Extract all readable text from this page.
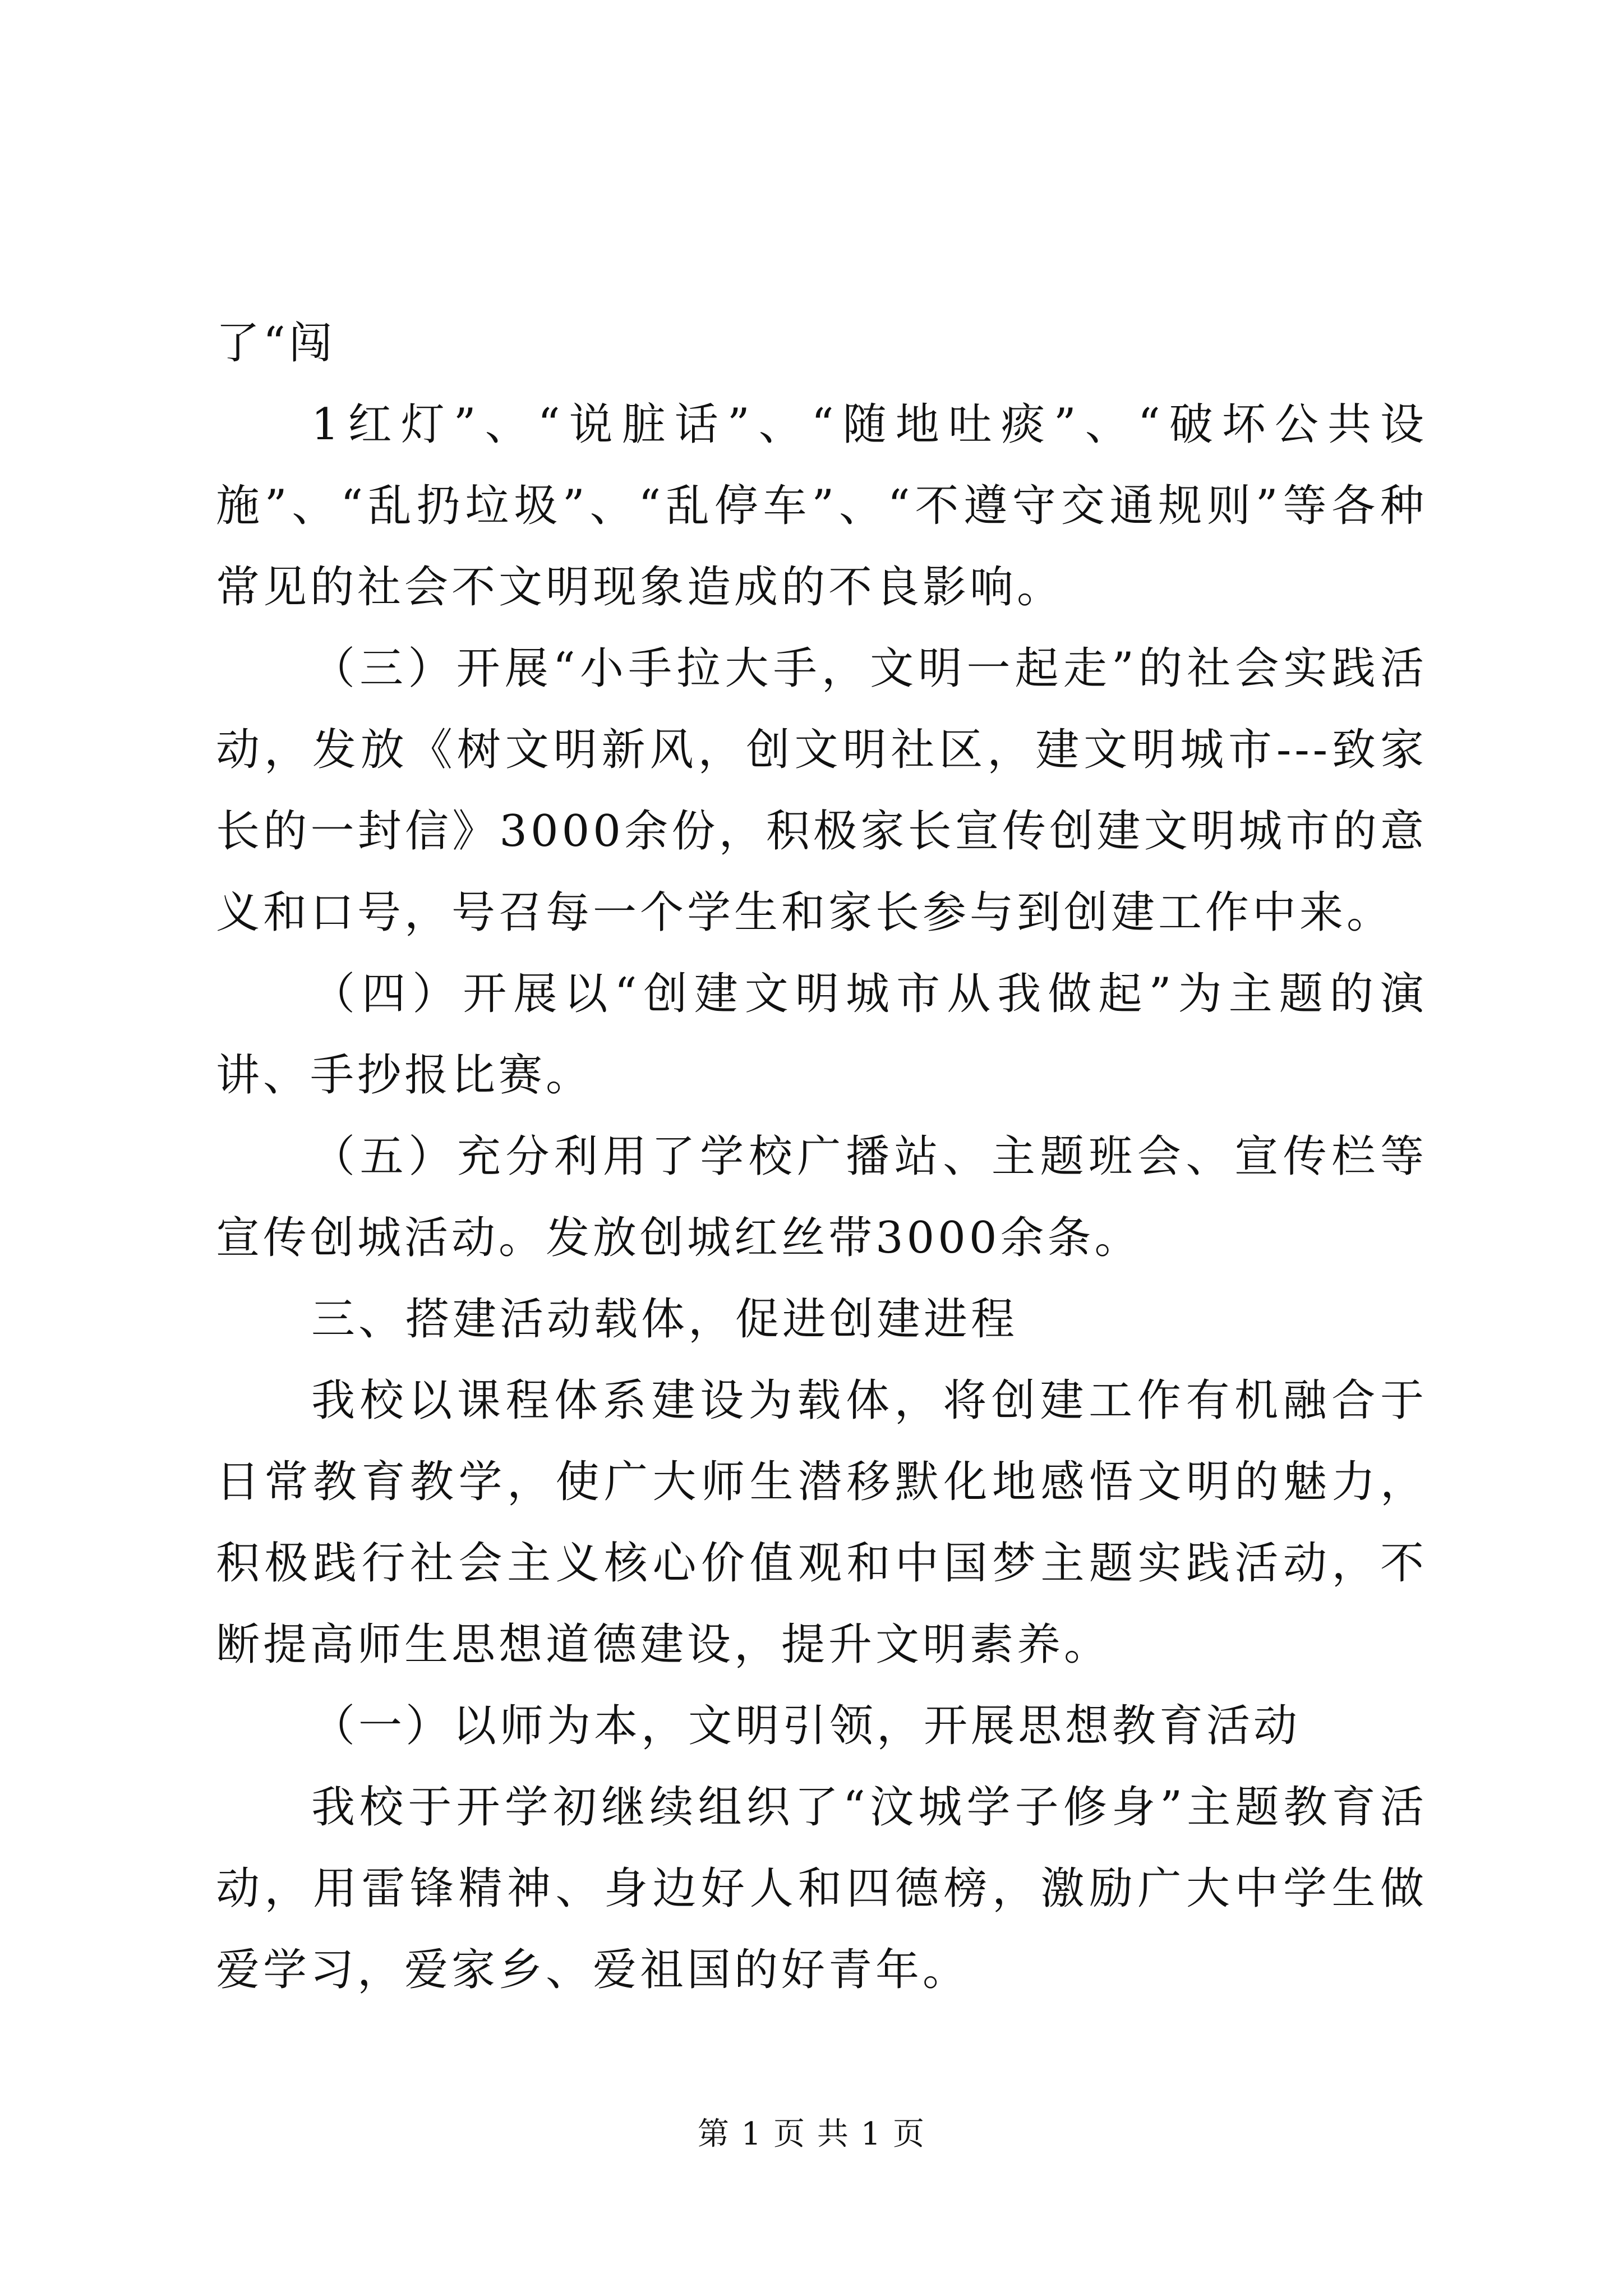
了“闯

1红灯”、“说脏话”、“随地吐痰”、“破坏公共设施”、“乱扔垃圾”、“乱停车”、“不遵守交通规则”等各种常见的社会不文明现象造成的不良影响。

（三）开展“小手拉大手，文明一起走”的社会实践活动，发放《树文明新风，创文明社区，建文明城市---致家长的一封信》3000余份，积极家长宣传创建文明城市的意义和口号，号召每一个学生和家长参与到创建工作中来。

（四）开展以“创建文明城市从我做起”为主题的演讲、手抄报比赛。

（五）充分利用了学校广播站、主题班会、宣传栏等宣传创城活动。发放创城红丝带3000余条。

三、搭建活动载体，促进创建进程

我校以课程体系建设为载体，将创建工作有机融合于日常教育教学，使广大师生潜移默化地感悟文明的魅力，积极践行社会主义核心价值观和中国梦主题实践活动，不断提高师生思想道德建设，提升文明素养。

（一）以师为本，文明引领，开展思想教育活动

我校于开学初继续组织了“汶城学子修身”主题教育活动，用雷锋精神、身边好人和四德榜，激励广大中学生做爱学习，爱家乡、爱祖国的好青年。

第 1 页 共 1 页
